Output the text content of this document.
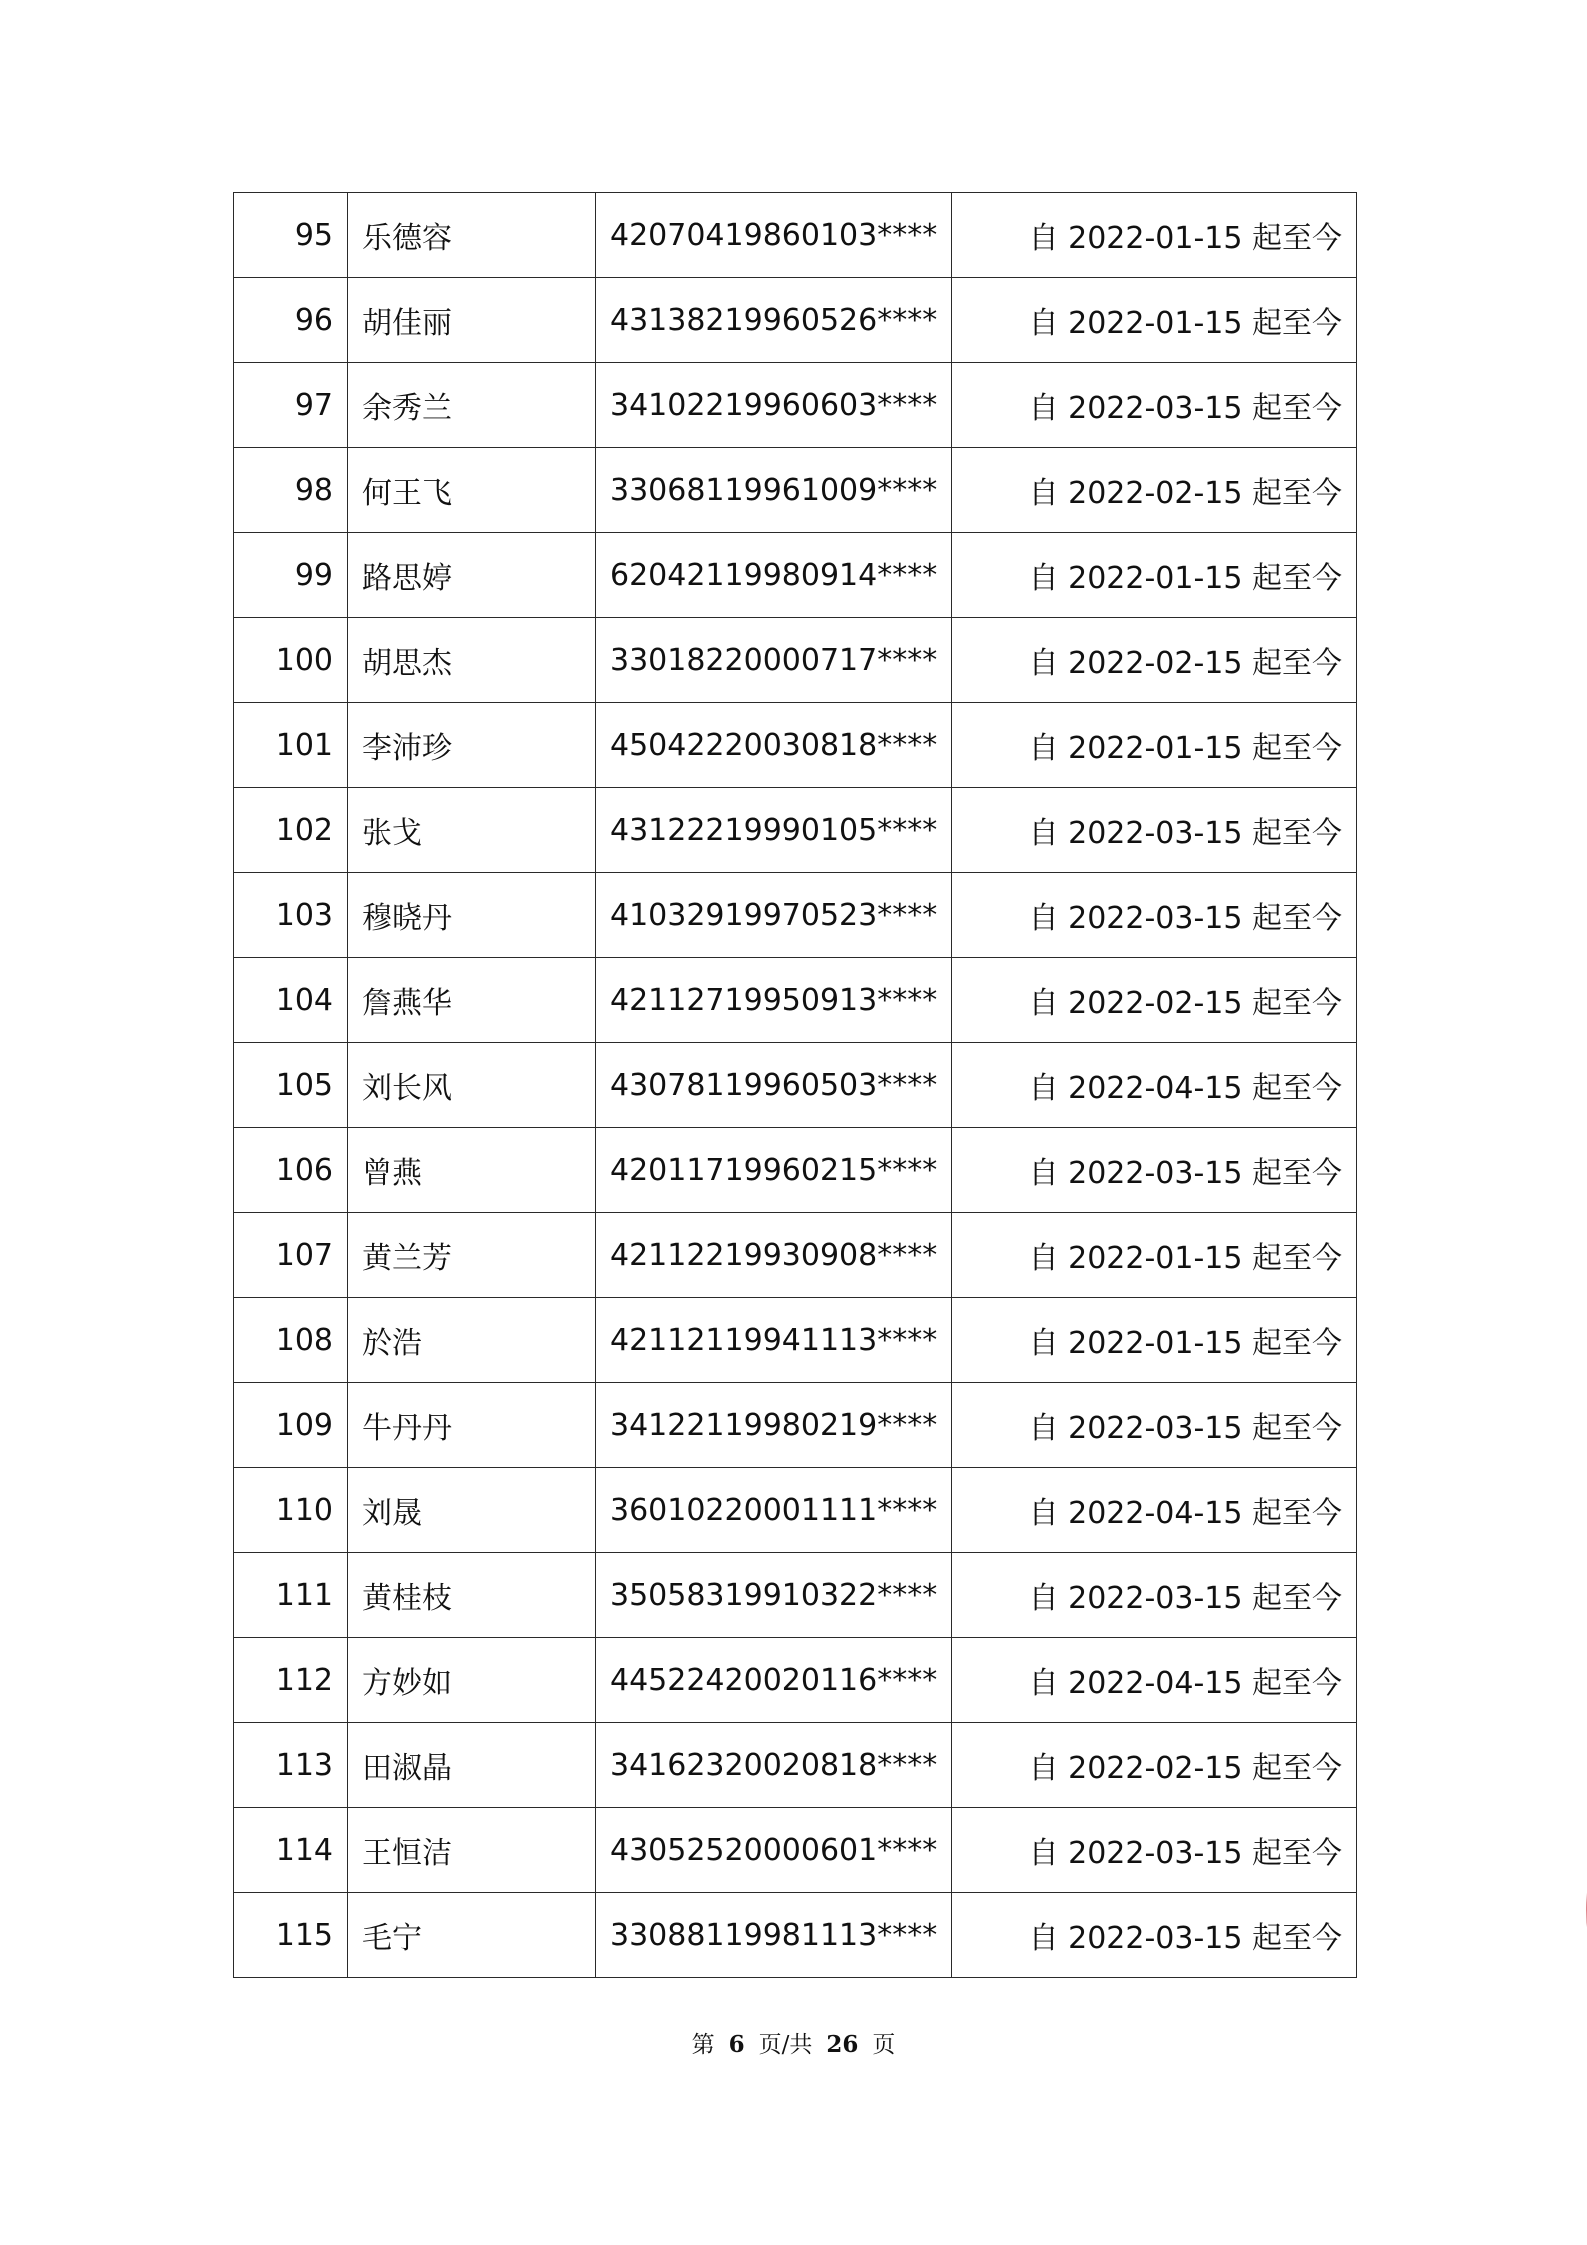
95	乐德容	42070419860103****	自 2022-01-15 起至今
96	胡佳丽	43138219960526****	自 2022-01-15 起至今
97	余秀兰	34102219960603****	自 2022-03-15 起至今
98	何王飞	33068119961009****	自 2022-02-15 起至今
99	路思婷	62042119980914****	自 2022-01-15 起至今
100	胡思杰	33018220000717****	自 2022-02-15 起至今
101	李沛珍	45042220030818****	自 2022-01-15 起至今
102	张戈	43122219990105****	自 2022-03-15 起至今
103	穆晓丹	41032919970523****	自 2022-03-15 起至今
104	詹燕华	42112719950913****	自 2022-02-15 起至今
105	刘长风	43078119960503****	自 2022-04-15 起至今
106	曾燕	42011719960215****	自 2022-03-15 起至今
107	黄兰芳	42112219930908****	自 2022-01-15 起至今
108	於浩	42112119941113****	自 2022-01-15 起至今
109	牛丹丹	34122119980219****	自 2022-03-15 起至今
110	刘晟	36010220001111****	自 2022-04-15 起至今
111	黄桂枝	35058319910322****	自 2022-03-15 起至今
112	方妙如	44522420020116****	自 2022-04-15 起至今
113	田淑晶	34162320020818****	自 2022-02-15 起至今
114	王恒洁	43052520000601****	自 2022-03-15 起至今
115	毛宁	33088119981113****	自 2022-03-15 起至今
第 6 页/共 26 页
